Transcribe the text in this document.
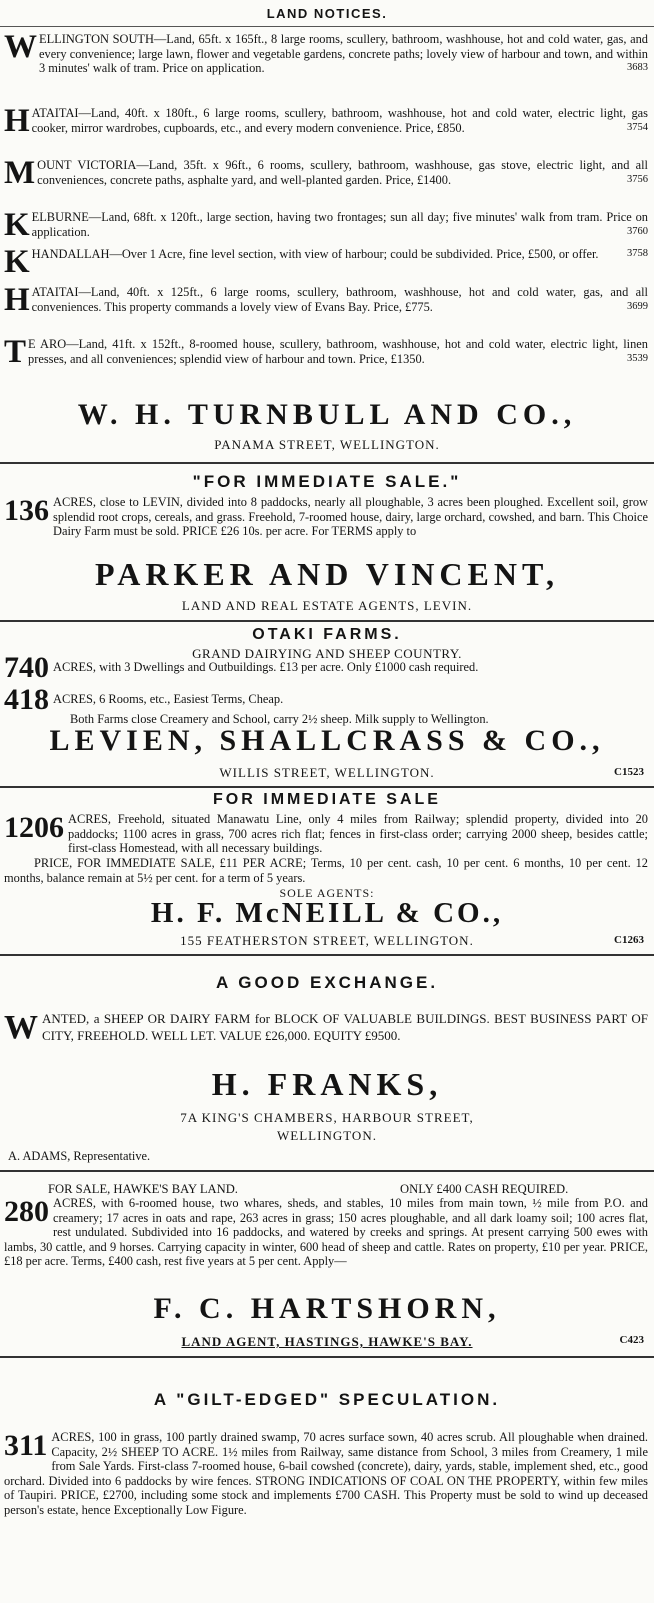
LAND NOTICES.
W ELLINGTON SOUTH—Land, 65ft. x 165ft., 8 large rooms, scullery, bathroom, washhouse, hot and cold water, gas, and every convenience; large lawn, flower and vegetable gardens, concrete paths; lovely view of harbour and town, and within 3 minutes' walk of tram. Price on application.	3683
H ATAITAI—Land, 40ft. x 180ft., 6 large rooms, scullery, bathroom, washhouse, hot and cold water, electric light, gas cooker, mirror wardrobes, cupboards, etc., and every modern convenience. Price, £850.	3754
M OUNT VICTORIA—Land, 35ft. x 96ft., 6 rooms, scullery, bathroom, washhouse, gas stove, electric light, and all conveniences, concrete paths, asphalte yard, and well-planted garden. Price, £1400.	3756
K ELBURNE—Land, 68ft. x 120ft., large section, having two frontages; sun all day; five minutes' walk from tram. Price on application.	3760
K HANDALLAH—Over 1 Acre, fine level section, with view of harbour; could be subdivided. Price, £500, or offer.	3758
H ATAITAI—Land, 40ft. x 125ft., 6 large rooms, scullery, bathroom, washhouse, hot and cold water, gas, and all conveniences. This property commands a lovely view of Evans Bay. Price, £775.	3699
T E ARO—Land, 41ft. x 152ft., 8-roomed house, scullery, bathroom, washhouse, hot and cold water, electric light, linen presses, and all conveniences; splendid view of harbour and town. Price, £1350.	3539
W. H. TURNBULL AND CO.,
PANAMA STREET, WELLINGTON.
"FOR IMMEDIATE SALE."
136 ACRES, close to LEVIN, divided into 8 paddocks, nearly all ploughable, 3 acres been ploughed. Excellent soil, grow splendid root crops, cereals, and grass. Freehold, 7-roomed house, dairy, large orchard, cowshed, and barn. This Choice Dairy Farm must be sold. PRICE £26 10s. per acre. For TERMS apply to
PARKER AND VINCENT,
LAND AND REAL ESTATE AGENTS, LEVIN.
OTAKI FARMS.
GRAND DAIRYING AND SHEEP COUNTRY.
740 ACRES, with 3 Dwellings and Outbuildings. £13 per acre. Only £1000 cash required.
418 ACRES, 6 Rooms, etc., Easiest Terms, Cheap.
Both Farms close Creamery and School, carry 2½ sheep. Milk supply to Wellington.
LEVIEN, SHALLCRASS & CO.,
WILLIS STREET, WELLINGTON.	C1523
FOR IMMEDIATE SALE
1206 ACRES, Freehold, situated Manawatu Line, only 4 miles from Railway; splendid property, divided into 20 paddocks; 1100 acres in grass, 700 acres rich flat; fences in first-class order; carrying 2000 sheep, besides cattle; first-class Homestead, with all necessary buildings.
PRICE, FOR IMMEDIATE SALE, £11 PER ACRE; Terms, 10 per cent. cash, 10 per cent. 6 months, 10 per cent. 12 months, balance remain at 5½ per cent. for a term of 5 years.
SOLE AGENTS:
H. F. McNEILL & CO.,
155 FEATHERSTON STREET, WELLINGTON.	C1263
A GOOD EXCHANGE.
W ANTED, a SHEEP OR DAIRY FARM for BLOCK OF VALUABLE BUILDINGS. BEST BUSINESS PART OF CITY, FREEHOLD. WELL LET. VALUE £26,000. EQUITY £9500.
H. FRANKS,
7A KING'S CHAMBERS, HARBOUR STREET,
WELLINGTON.
A. ADAMS, Representative.
FOR SALE, HAWKE'S BAY LAND.	ONLY £400 CASH REQUIRED.
280 ACRES, with 6-roomed house, two whares, sheds, and stables, 10 miles from main town, ½ mile from P.O. and creamery; 17 acres in oats and rape, 263 acres in grass; 150 acres ploughable, and all dark loamy soil; 100 acres flat, rest undulated. Subdivided into 16 paddocks, and watered by creeks and springs. At present carrying 500 ewes with lambs, 30 cattle, and 9 horses. Carrying capacity in winter, 600 head of sheep and cattle. Rates on property, £10 per year. PRICE, £18 per acre. Terms, £400 cash, rest five years at 5 per cent. Apply—
F. C. HARTSHORN,
LAND AGENT, HASTINGS, HAWKE'S BAY.	C423
A "GILT-EDGED" SPECULATION.
311 ACRES, 100 in grass, 100 partly drained swamp, 70 acres surface sown, 40 acres scrub. All ploughable when drained. Capacity, 2½ SHEEP TO ACRE. 1½ miles from Railway, same distance from School, 3 miles from Creamery, 1 mile from Sale Yards. First-class 7-roomed house, 6-bail cowshed (concrete), dairy, yards, stable, implement shed, etc., good orchard. Divided into 6 paddocks by wire fences. STRONG INDICATIONS OF COAL ON THE PROPERTY, within few miles of Taupiri. PRICE, £2700, including some stock and implements £700 CASH. This Property must be sold to wind up deceased person's estate, hence Exceptionally Low Figure.
